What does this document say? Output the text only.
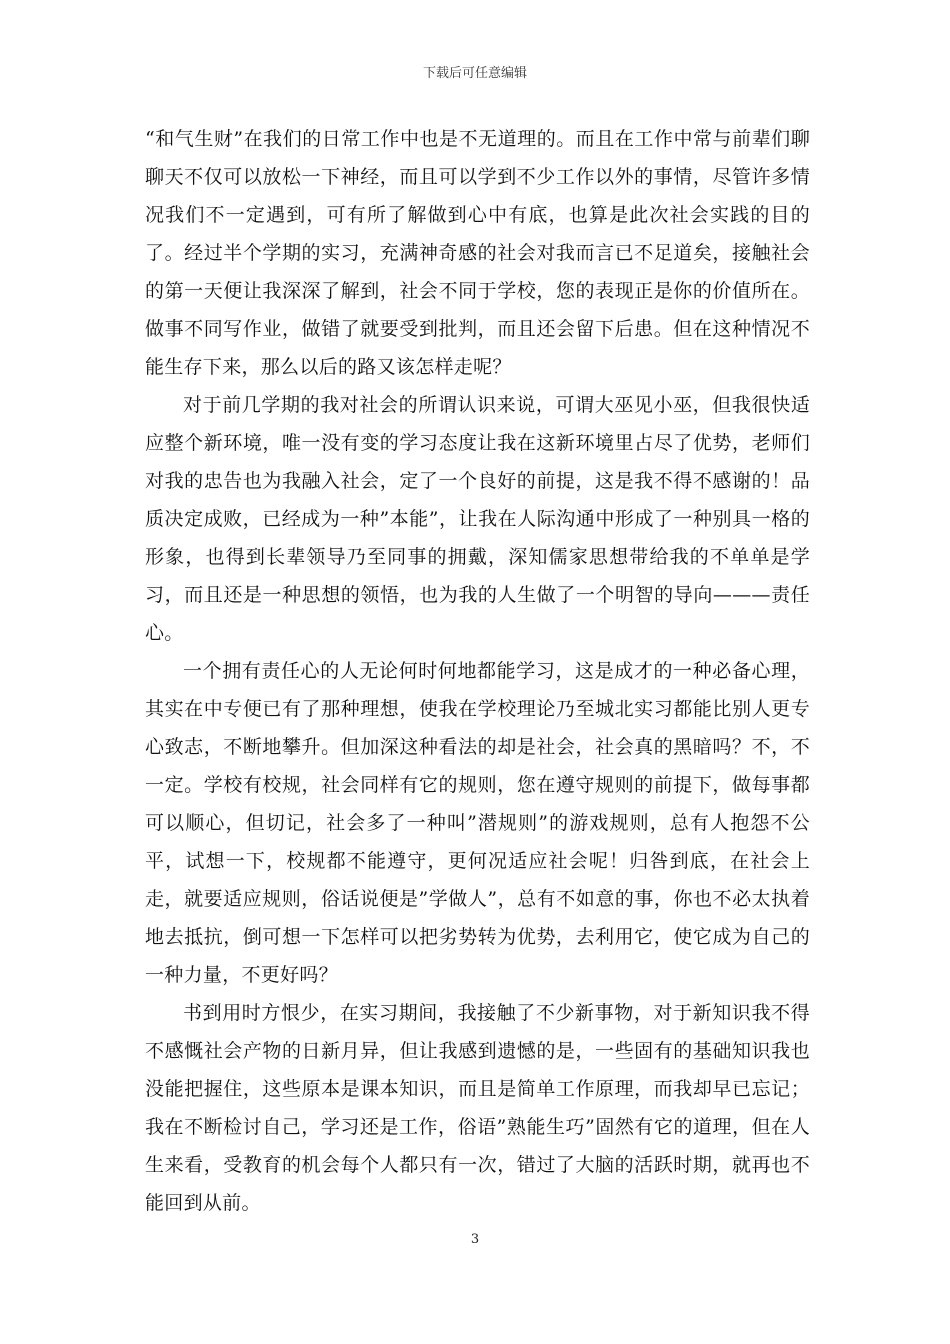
下载后可任意编辑

“和气生财”在我们的日常工作中也是不无道理的。而且在工作中常与前辈们聊聊天不仅可以放松一下神经，而且可以学到不少工作以外的事情，尽管许多情况我们不一定遇到，可有所了解做到心中有底，也算是此次社会实践的目的了。经过半个学期的实习，充满神奇感的社会对我而言已不足道矣，接触社会的第一天便让我深深了解到，社会不同于学校，您的表现正是你的价值所在。做事不同写作业，做错了就要受到批判，而且还会留下后患。但在这种情况不能生存下来，那么以后的路又该怎样走呢？

对于前几学期的我对社会的所谓认识来说，可谓大巫见小巫，但我很快适应整个新环境，唯一没有变的学习态度让我在这新环境里占尽了优势，老师们对我的忠告也为我融入社会，定了一个良好的前提，这是我不得不感谢的！品质决定成败，已经成为一种”本能”，让我在人际沟通中形成了一种别具一格的形象，也得到长辈领导乃至同事的拥戴，深知儒家思想带给我的不单单是学习，而且还是一种思想的领悟，也为我的人生做了一个明智的导向———责任心。

一个拥有责任心的人无论何时何地都能学习，这是成才的一种必备心理，其实在中专便已有了那种理想，使我在学校理论乃至城北实习都能比别人更专心致志，不断地攀升。但加深这种看法的却是社会，社会真的黑暗吗？不，不一定。学校有校规，社会同样有它的规则，您在遵守规则的前提下，做每事都可以顺心，但切记，社会多了一种叫”潜规则”的游戏规则，总有人抱怨不公平，试想一下，校规都不能遵守，更何况适应社会呢！归咎到底，在社会上走，就要适应规则，俗话说便是”学做人”，总有不如意的事，你也不必太执着地去抵抗，倒可想一下怎样可以把劣势转为优势，去利用它，使它成为自己的一种力量，不更好吗？

书到用时方恨少，在实习期间，我接触了不少新事物，对于新知识我不得不感慨社会产物的日新月异，但让我感到遗憾的是，一些固有的基础知识我也没能把握住，这些原本是课本知识，而且是简单工作原理，而我却早已忘记；我在不断检讨自己，学习还是工作，俗语”熟能生巧”固然有它的道理，但在人生来看，受教育的机会每个人都只有一次，错过了大脑的活跃时期，就再也不能回到从前。

3
